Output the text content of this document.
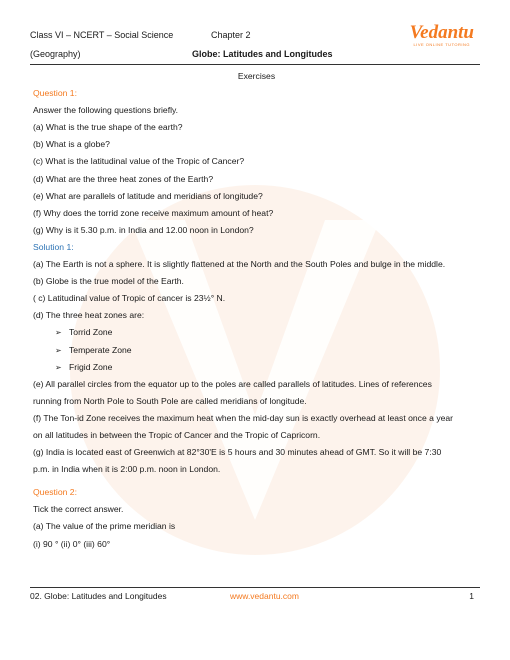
Class VI – NCERT – Social Science
(Geography)
Chapter 2
Globe: Latitudes and Longitudes
Vedantu
LIVE ONLINE TUTORING
Exercises
Question 1:
Answer the following questions briefly.
(a) What is the true shape of the earth?
(b) What is a globe?
(c) What is the latitudinal value of the Tropic of Cancer?
(d) What are the three heat zones of the Earth?
(e) What are parallels of latitude and meridians of longitude?
(f) Why does the torrid zone receive maximum amount of heat?
(g) Why is it 5.30 p.m. in India and 12.00 noon in London?
Solution 1:
(a) The Earth is not a sphere. It is slightly flattened at the North and the South Poles and bulge in the middle.
(b) Globe is the true model of the Earth.
( c) Latitudinal value of Tropic of cancer is 23½° N.
(d) The three heat zones are:
➢ Torrid Zone
➢ Temperate Zone
➢ Frigid Zone
(e) All parallel circles from the equator up to the poles are called parallels of latitudes. Lines of references
running from North Pole to South Pole are called meridians of longitude.
(f) The Ton-id Zone receives the maximum heat when the mid-day sun is exactly overhead at least once a year
on all latitudes in between the Tropic of Cancer and the Tropic of Capricorn.
(g) India is located east of Greenwich at 82°30'E is 5 hours and 30 minutes ahead of GMT. So it will be 7:30
p.m. in India when it is 2:00 p.m. noon in London.
Question 2:
Tick the correct answer.
(a) The value of the prime meridian is
(i) 90 ° (ii) 0° (iii) 60°
02. Globe: Latitudes and Longitudes	www.vedantu.com	1
